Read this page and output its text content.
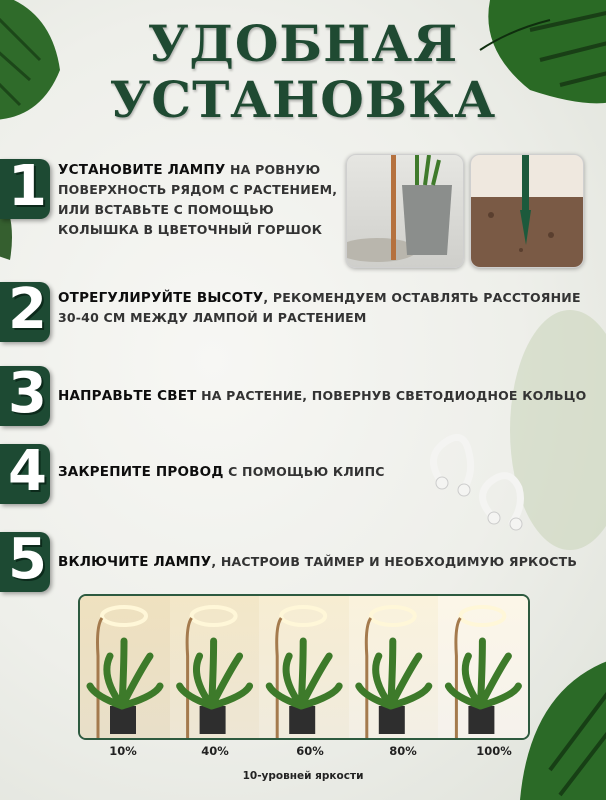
УДОБНАЯ
УСТАНОВКА
1 УСТАНОВИТЕ ЛАМПУ НА РОВНУЮ
ПОВЕРХНОСТЬ РЯДОМ С РАСТЕНИЕМ,
ИЛИ ВСТАВЬТЕ С ПОМОЩЬЮ
КОЛЫШКА В ЦВЕТОЧНЫЙ ГОРШОК
2 ОТРЕГУЛИРУЙТЕ ВЫСОТУ, РЕКОМЕНДУЕМ ОСТАВЛЯТЬ РАССТОЯНИЕ
30-40 СМ МЕЖДУ ЛАМПОЙ И РАСТЕНИЕМ
3 НАПРАВЬТЕ СВЕТ НА РАСТЕНИЕ, ПОВЕРНУВ СВЕТОДИОДНОЕ КОЛЬЦО
4 ЗАКРЕПИТЕ ПРОВОД С ПОМОЩЬЮ КЛИПС
5 ВКЛЮЧИТЕ ЛАМПУ, НАСТРОИВ ТАЙМЕР И НЕОБХОДИМУЮ ЯРКОСТЬ
10%	40%	60%	80%	100%
10-уровней яркости
